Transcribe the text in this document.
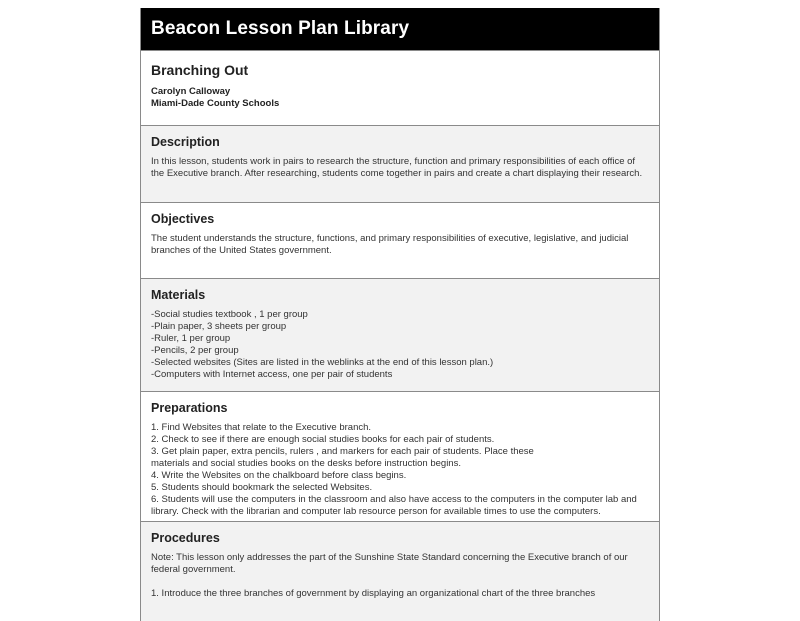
Beacon Lesson Plan Library
Branching Out
Carolyn Calloway
Miami-Dade County Schools
Description
In this lesson, students work in pairs to research the structure, function and primary responsibilities of each office of the Executive branch. After researching, students come together in pairs and create a chart displaying their research.
Objectives
The student understands the structure, functions, and primary responsibilities of executive, legislative, and judicial branches of the United States government.
Materials
-Social studies textbook , 1 per group
-Plain paper, 3 sheets per group
-Ruler, 1 per group
-Pencils, 2 per group
-Selected websites (Sites are listed in the weblinks at the end of this lesson plan.)
-Computers with Internet access, one per pair of students
Preparations
1. Find Websites that relate to the Executive branch.
2. Check to see if there are enough social studies books for each pair of students.
3. Get plain paper, extra pencils, rulers , and markers for each pair of students. Place these
materials and social studies books on the desks before instruction begins.
4. Write the Websites on the chalkboard before class begins.
5. Students should bookmark the selected Websites.
6. Students will use the computers in the classroom and also have access to the computers in the computer lab and library. Check with the librarian and computer lab resource person for available times to use the computers.
Procedures
Note: This lesson only addresses the part of the Sunshine State Standard concerning the Executive branch of our federal government.
1. Introduce the three branches of government by displaying an organizational chart of the three branches
